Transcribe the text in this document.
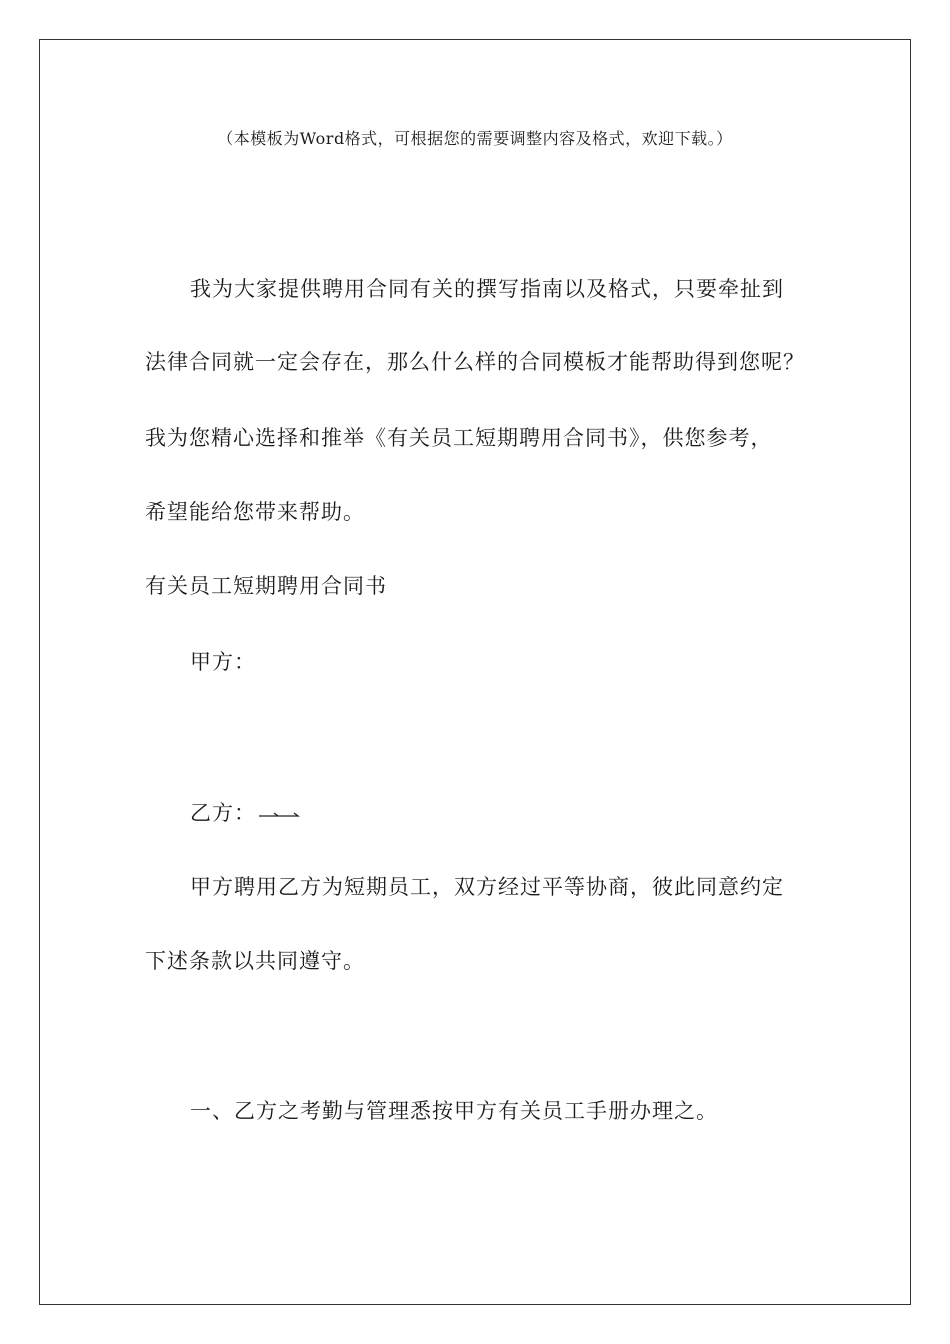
（本模板为Word格式，可根据您的需要调整内容及格式，欢迎下载。）
我为大家提供聘用合同有关的撰写指南以及格式，只要牵扯到
法律合同就一定会存在，那么什么样的合同模板才能帮助得到您呢？
我为您精心选择和推举《有关员工短期聘用合同书》，供您参考，
希望能给您带来帮助。
有关员工短期聘用合同书
甲方：
乙方：
甲方聘用乙方为短期员工，双方经过平等协商，彼此同意约定
下述条款以共同遵守。
一、乙方之考勤与管理悉按甲方有关员工手册办理之。
